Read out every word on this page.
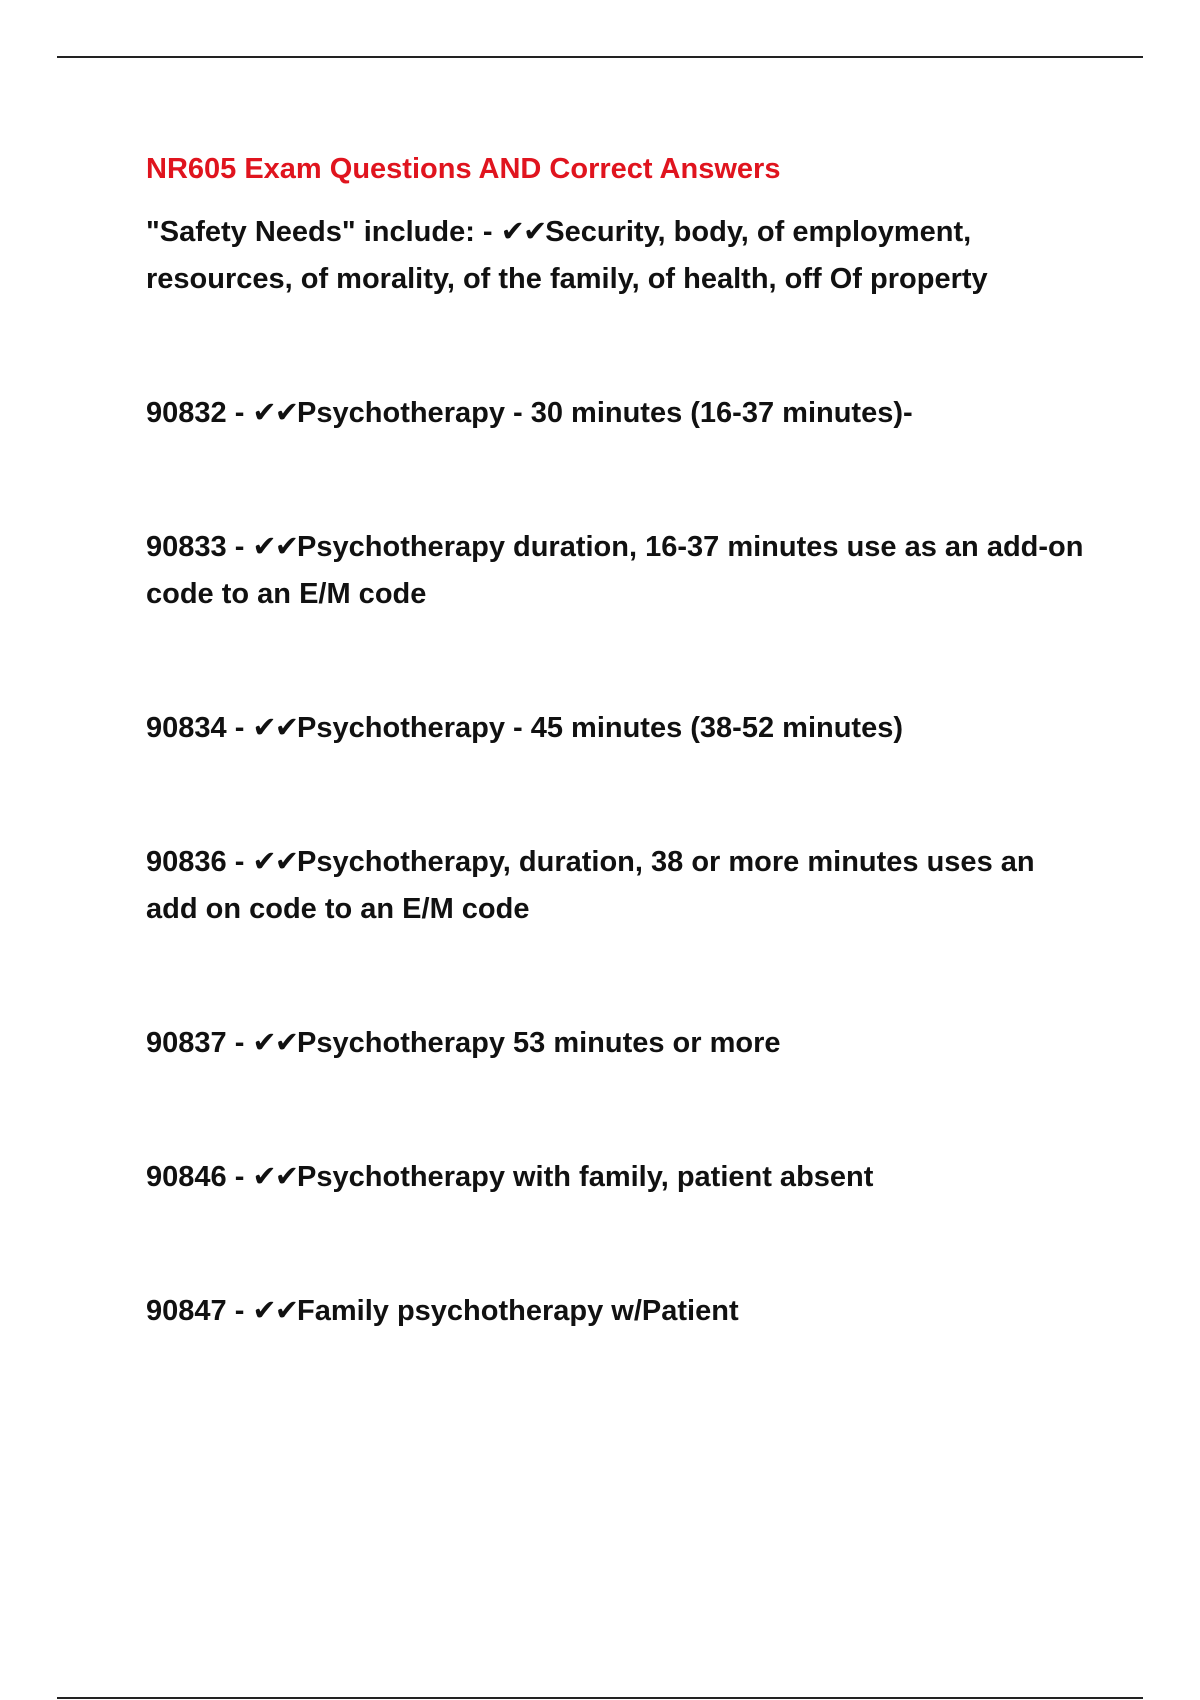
NR605 Exam Questions AND Correct Answers

"Safety Needs" include: - ✔✔Security, body, of employment, resources, of morality, of the family, of health, off Of property

90832 - ✔✔Psychotherapy - 30 minutes (16-37 minutes)-

90833 - ✔✔Psychotherapy duration, 16-37 minutes use as an add-on code to an E/M code

90834 - ✔✔Psychotherapy - 45 minutes (38-52 minutes)

90836 - ✔✔Psychotherapy, duration, 38 or more minutes uses an add on code to an E/M code

90837 - ✔✔Psychotherapy 53 minutes or more

90846 - ✔✔Psychotherapy with family, patient absent

90847 - ✔✔Family psychotherapy w/Patient
